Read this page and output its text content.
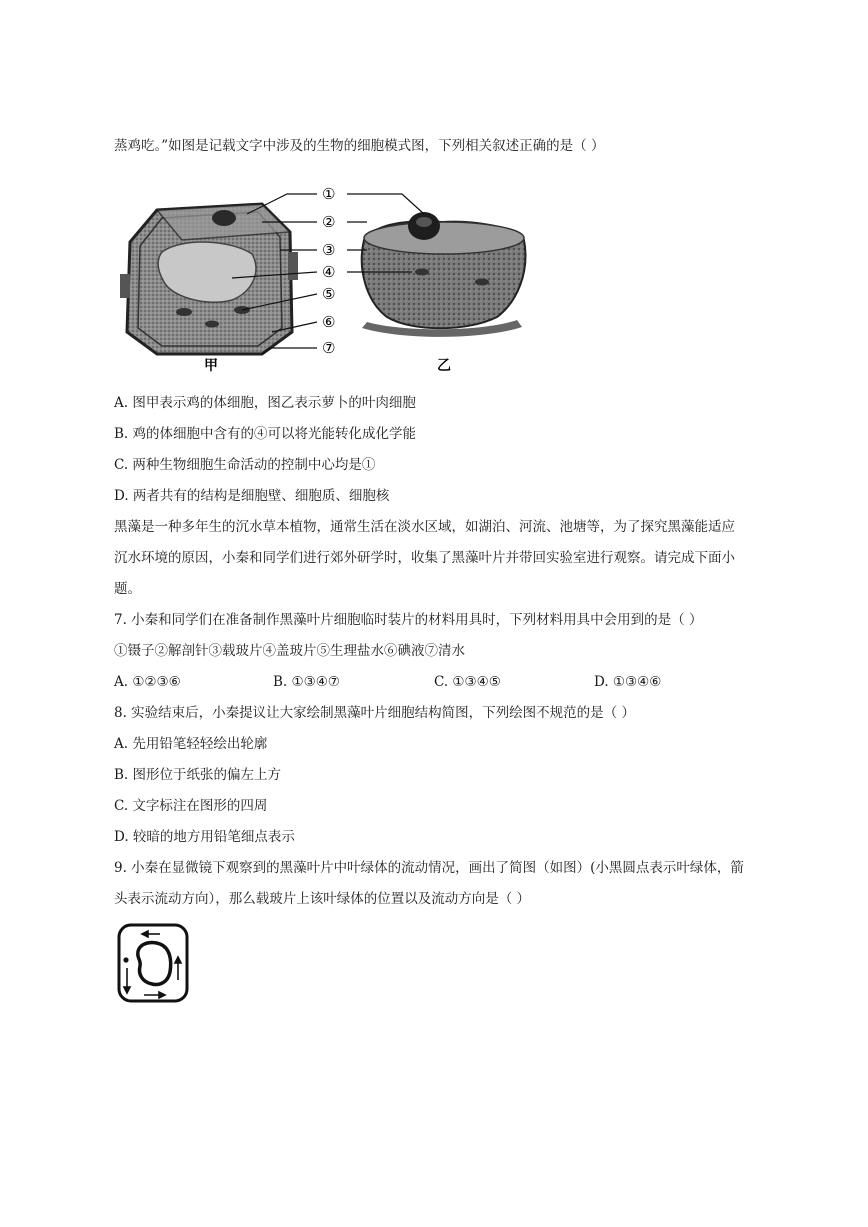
蒸鸡吃。”如图是记载文字中涉及的生物的细胞模式图，下列相关叙述正确的是（ ）
①
②
③
④
⑤
⑥
⑦
甲	乙
A. 图甲表示鸡的体细胞，图乙表示萝卜的叶肉细胞
B. 鸡的体细胞中含有的④可以将光能转化成化学能
C. 两种生物细胞生命活动的控制中心均是①
D. 两者共有的结构是细胞壁、细胞质、细胞核
黑藻是一种多年生的沉水草本植物，通常生活在淡水区域，如湖泊、河流、池塘等，为了探究黑藻能适应
沉水环境的原因，小秦和同学们进行郊外研学时，收集了黑藻叶片并带回实验室进行观察。请完成下面小
题。
7. 小秦和同学们在准备制作黑藻叶片细胞临时装片的材料用具时，下列材料用具中会用到的是（ ）
①镊子②解剖针③载玻片④盖玻片⑤生理盐水⑥碘液⑦清水
A. ①②③⑥	B. ①③④⑦	C. ①③④⑤	D. ①③④⑥
8. 实验结束后，小秦提议让大家绘制黑藻叶片细胞结构简图，下列绘图不规范的是（ ）
A. 先用铅笔轻轻绘出轮廓
B. 图形位于纸张的偏左上方
C. 文字标注在图形的四周
D. 较暗的地方用铅笔细点表示
9. 小秦在显微镜下观察到的黑藻叶片中叶绿体的流动情况，画出了简图（如图）(小黑圆点表示叶绿体，箭
头表示流动方向），那么载玻片上该叶绿体的位置以及流动方向是（ ）
